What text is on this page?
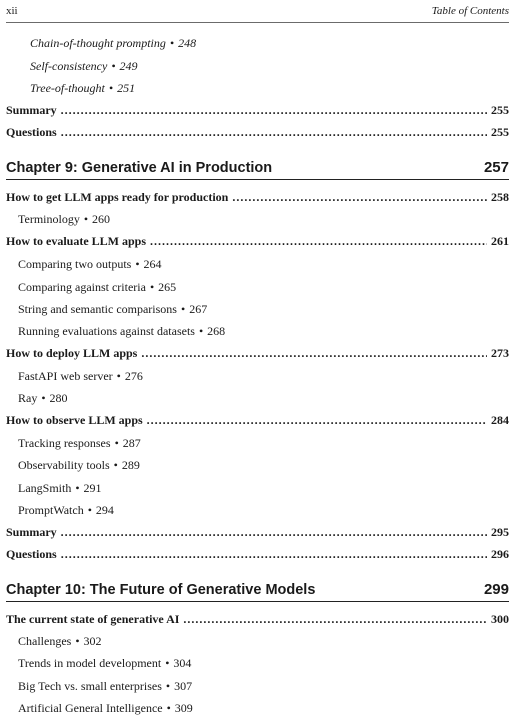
xii	Table of Contents
Chain-of-thought prompting • 248
Self-consistency • 249
Tree-of-thought • 251
Summary .....	255
Questions .....	255
Chapter 9: Generative AI in Production	257
How to get LLM apps ready for production .....	258
Terminology • 260
How to evaluate LLM apps .....	261
Comparing two outputs • 264
Comparing against criteria • 265
String and semantic comparisons • 267
Running evaluations against datasets • 268
How to deploy LLM apps .....	273
FastAPI web server • 276
Ray • 280
How to observe LLM apps .....	284
Tracking responses • 287
Observability tools • 289
LangSmith • 291
PromptWatch • 294
Summary .....	295
Questions .....	296
Chapter 10: The Future of Generative Models	299
The current state of generative AI .....	300
Challenges • 302
Trends in model development • 304
Big Tech vs. small enterprises • 307
Artificial General Intelligence • 309
